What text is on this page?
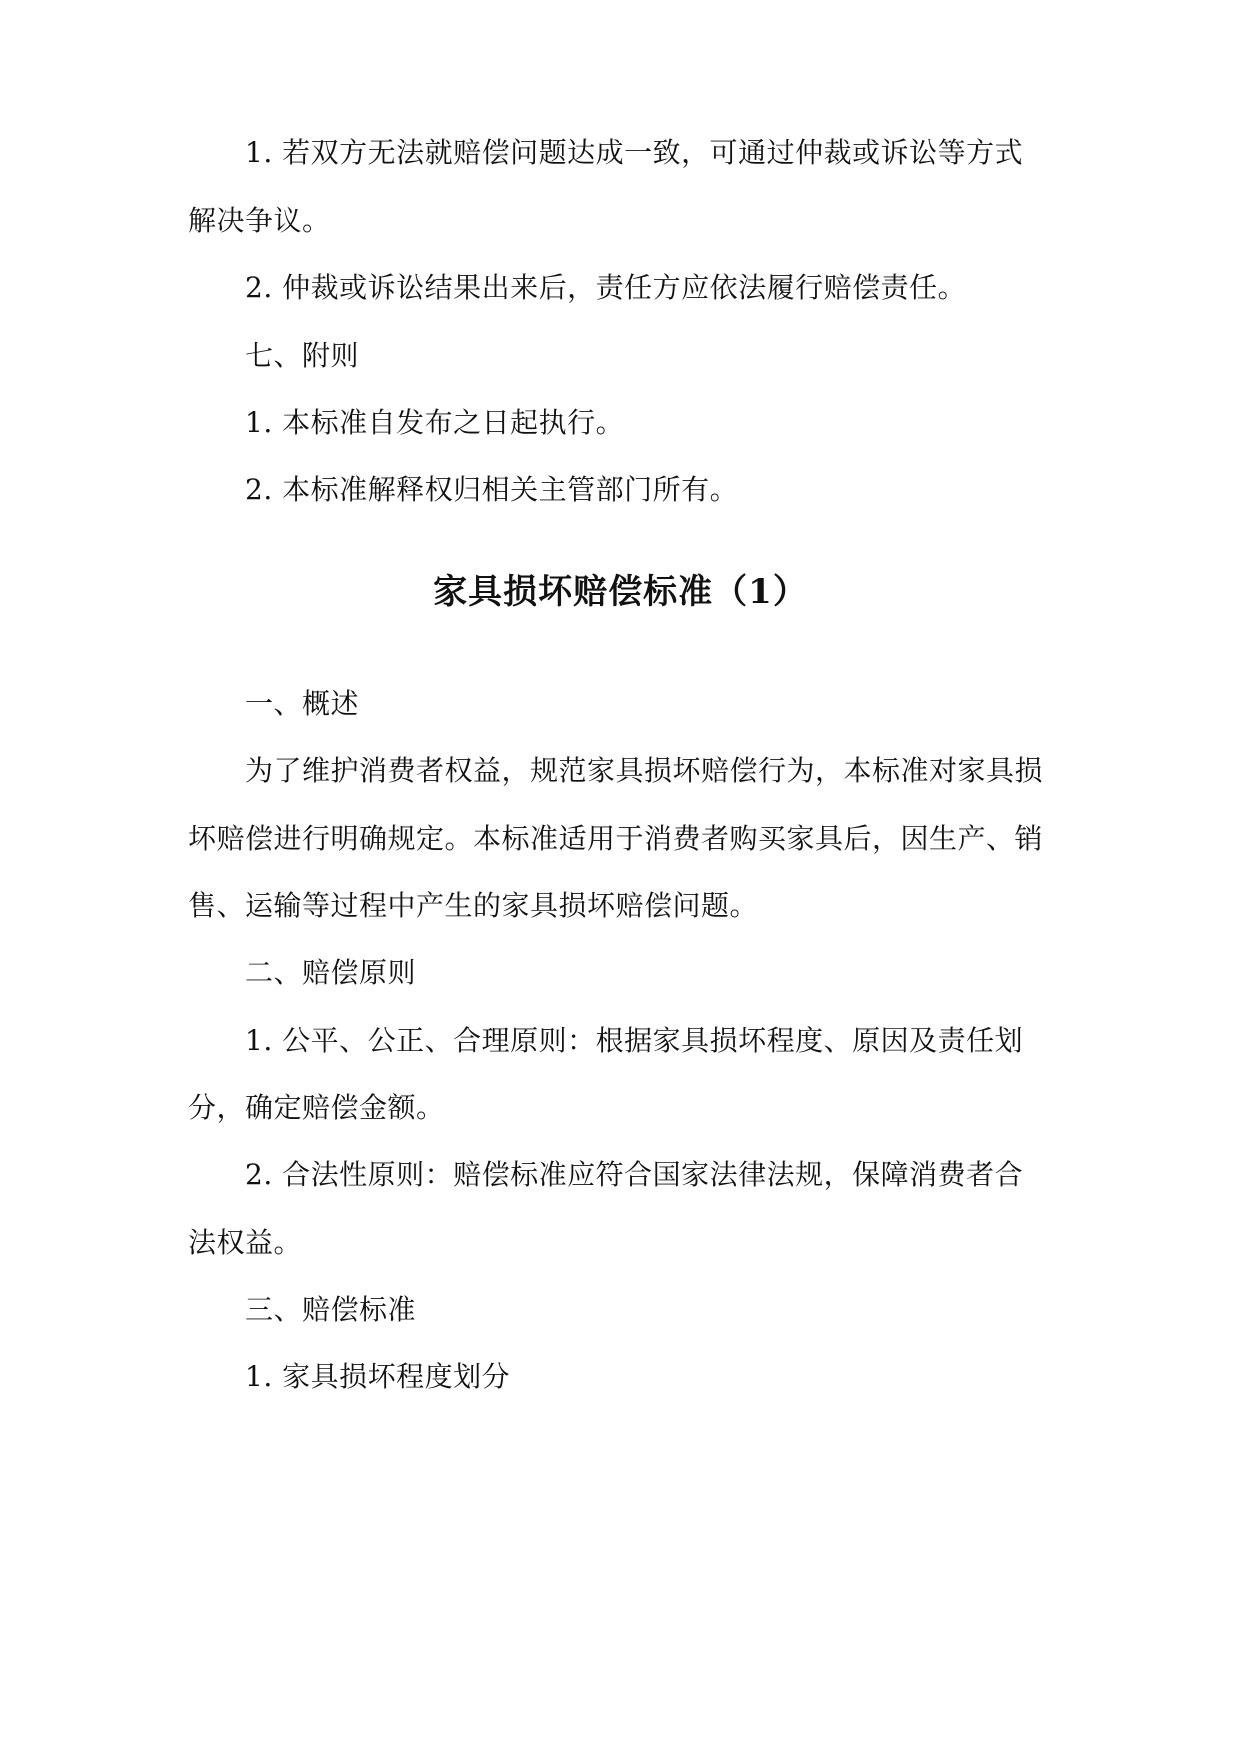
1. 若双方无法就赔偿问题达成一致，可通过仲裁或诉讼等方式
解决争议。
2. 仲裁或诉讼结果出来后，责任方应依法履行赔偿责任。
七、附则
1. 本标准自发布之日起执行。
2. 本标准解释权归相关主管部门所有。
家具损坏赔偿标准（1）
一、概述
为了维护消费者权益，规范家具损坏赔偿行为，本标准对家具损
坏赔偿进行明确规定。本标准适用于消费者购买家具后，因生产、销
售、运输等过程中产生的家具损坏赔偿问题。
二、赔偿原则
1. 公平、公正、合理原则：根据家具损坏程度、原因及责任划
分，确定赔偿金额。
2. 合法性原则：赔偿标准应符合国家法律法规，保障消费者合
法权益。
三、赔偿标准
1. 家具损坏程度划分
